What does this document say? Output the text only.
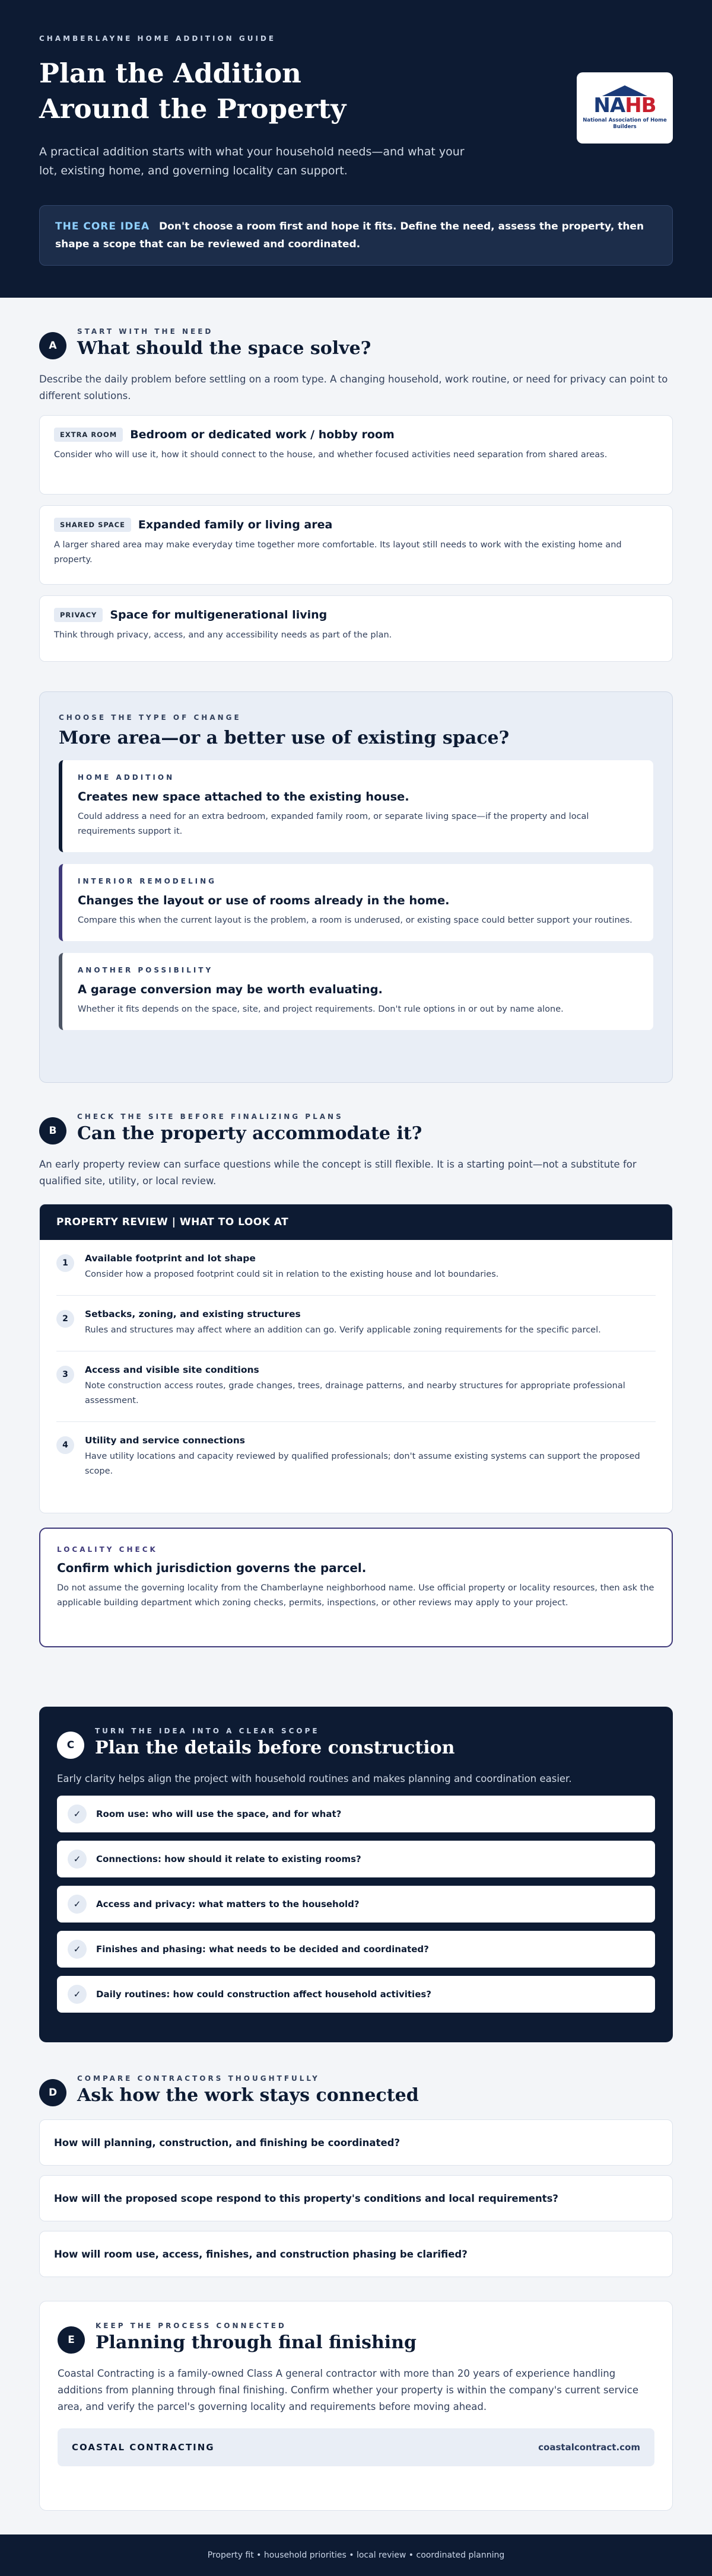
CHAMBERLAYNE HOME ADDITION GUIDE
Plan the Addition
Around the Property

A practical addition starts with what your household needs—and what your lot, existing home, and governing locality can support.

NAHB
National Association of Home Builders
THE CORE IDEA Don't choose a room first and hope it fits. Define the need, assess the property, then shape a scope that can be reviewed and coordinated.
A
START WITH THE NEED
What should the space solve?

Describe the daily problem before settling on a room type. A changing household, work routine, or need for privacy can point to different solutions.

EXTRA ROOM	Bedroom or dedicated work / hobby room

Consider who will use it, how it should connect to the house, and whether focused activities need separation from shared areas.

SHARED SPACE	Expanded family or living area

A larger shared area may make everyday time together more comfortable. Its layout still needs to work with the existing home and property.

PRIVACY	Space for multigenerational living

Think through privacy, access, and any accessibility needs as part of the plan.

CHOOSE THE TYPE OF CHANGE
More area—or a better use of existing space?
HOME ADDITION
Creates new space attached to the existing house.

Could address a need for an extra bedroom, expanded family room, or separate living space—if the property and local requirements support it.

INTERIOR REMODELING
Changes the layout or use of rooms already in the home.

Compare this when the current layout is the problem, a room is underused, or existing space could better support your routines.

ANOTHER POSSIBILITY
A garage conversion may be worth evaluating.

Whether it fits depends on the space, site, and project requirements. Don't rule options in or out by name alone.

B
CHECK THE SITE BEFORE FINALIZING PLANS
Can the property accommodate it?

An early property review can surface questions while the concept is still flexible. It is a starting point—not a substitute for qualified site, utility, or local review.

PROPERTY REVIEW | WHAT TO LOOK AT
1	Available footprint and lot shape

Consider how a proposed footprint could sit in relation to the existing house and lot boundaries.

2	Setbacks, zoning, and existing structures

Rules and structures may affect where an addition can go. Verify applicable zoning requirements for the specific parcel.

3	Access and visible site conditions

Note construction access routes, grade changes, trees, drainage patterns, and nearby structures for appropriate professional assessment.

4	Utility and service connections

Have utility locations and capacity reviewed by qualified professionals; don't assume existing systems can support the proposed scope.

LOCALITY CHECK
Confirm which jurisdiction governs the parcel.

Do not assume the governing locality from the Chamberlayne neighborhood name. Use official property or locality resources, then ask the applicable building department which zoning checks, permits, inspections, or other reviews may apply to your project.

C
TURN THE IDEA INTO A CLEAR SCOPE
Plan the details before construction

Early clarity helps align the project with household routines and makes planning and coordination easier.

✓	Room use: who will use the space, and for what?
✓	Connections: how should it relate to existing rooms?
✓	Access and privacy: what matters to the household?
✓	Finishes and phasing: what needs to be decided and coordinated?
✓	Daily routines: how could construction affect household activities?
D
COMPARE CONTRACTORS THOUGHTFULLY
Ask how the work stays connected
How will planning, construction, and finishing be coordinated?
How will the proposed scope respond to this property's conditions and local requirements?
How will room use, access, finishes, and construction phasing be clarified?
E
KEEP THE PROCESS CONNECTED
Planning through final finishing

Coastal Contracting is a family-owned Class A general contractor with more than 20 years of experience handling additions from planning through final finishing. Confirm whether your property is within the company's current service area, and verify the parcel's governing locality and requirements before moving ahead.

COASTAL CONTRACTING	coastalcontract.com
Property fit • household priorities • local review • coordinated planning
